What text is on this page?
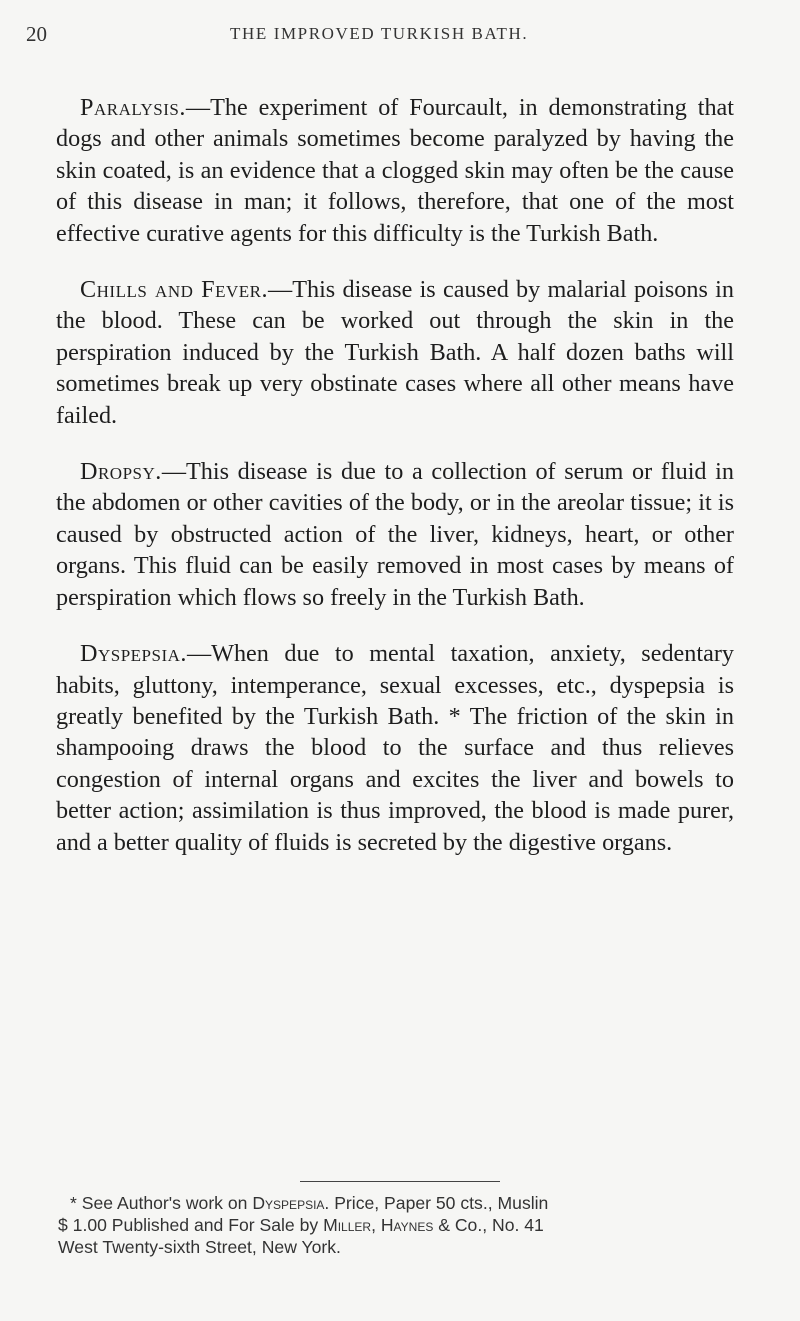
20	THE IMPROVED TURKISH BATH.

Paralysis.—The experiment of Fourcault, in demonstrating that dogs and other animals sometimes become paralyzed by having the skin coated, is an evidence that a clogged skin may often be the cause of this disease in man; it follows, therefore, that one of the most effective curative agents for this difficulty is the Turkish Bath.

Chills and Fever.—This disease is caused by malarial poisons in the blood. These can be worked out through the skin in the perspiration induced by the Turkish Bath. A half dozen baths will sometimes break up very obstinate cases where all other means have failed.

Dropsy.—This disease is due to a collection of serum or fluid in the abdomen or other cavities of the body, or in the areolar tissue; it is caused by obstructed action of the liver, kidneys, heart, or other organs. This fluid can be easily removed in most cases by means of perspiration which flows so freely in the Turkish Bath.

Dyspepsia.—When due to mental taxation, anxiety, sedentary habits, gluttony, intemperance, sexual excesses, etc., dyspepsia is greatly benefited by the Turkish Bath. * The friction of the skin in shampooing draws the blood to the surface and thus relieves congestion of internal organs and excites the liver and bowels to better action; assimilation is thus improved, the blood is made purer, and a better quality of fluids is secreted by the digestive organs.

* See Author's work on Dyspepsia. Price, Paper 50 cts., Muslin
$ 1.00 Published and For Sale by Miller, Haynes & Co., No. 41
West Twenty-sixth Street, New York.
